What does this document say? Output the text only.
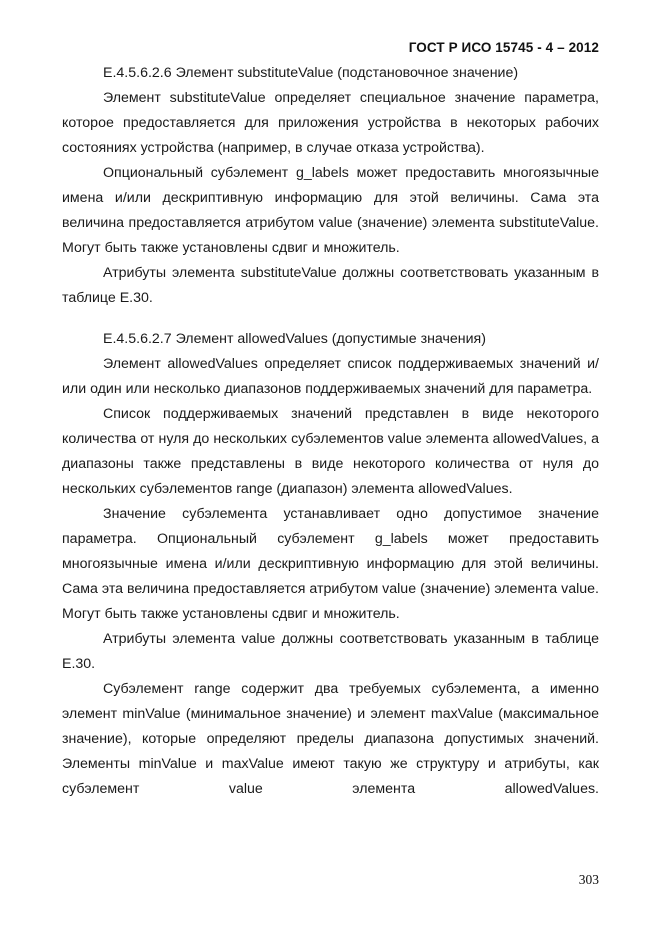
ГОСТ Р ИСО 15745 - 4 – 2012

E.4.5.6.2.6 Элемент substituteValue (подстановочное значение)

Элемент substituteValue определяет специальное значение параметра, которое предоставляется для приложения устройства в некоторых рабочих состояниях устройства (например, в случае отказа устройства).

Опциональный субэлемент g_labels может предоставить многоязычные имена и/или дескриптивную информацию для этой величины. Сама эта величина предоставляется атрибутом value (значение) элемента substituteValue. Могут быть также установлены сдвиг и множитель.

Атрибуты элемента substituteValue должны соответствовать указанным в таблице E.30.

E.4.5.6.2.7 Элемент allowedValues (допустимые значения)

Элемент allowedValues определяет список поддерживаемых значений и/или один или несколько диапазонов поддерживаемых значений для параметра.

Список поддерживаемых значений представлен в виде некоторого количества от нуля до нескольких субэлементов value элемента allowedValues, а диапазоны также представлены в виде некоторого количества от нуля до нескольких субэлементов range (диапазон) элемента allowedValues.

Значение субэлемента устанавливает одно допустимое значение параметра. Опциональный субэлемент g_labels может предоставить многоязычные имена и/или дескриптивную информацию для этой величины. Сама эта величина предоставляется атрибутом value (значение) элемента value. Могут быть также установлены сдвиг и множитель.

Атрибуты элемента value должны соответствовать указанным в таблице E.30.

Субэлемент range содержит два требуемых субэлемента, а именно элемент minValue (минимальное значение) и элемент maxValue (максимальное значение), которые определяют пределы диапазона допустимых значений. Элементы minValue и maxValue имеют такую же структуру и атрибуты, как субэлемент value элемента allowedValues.

303
